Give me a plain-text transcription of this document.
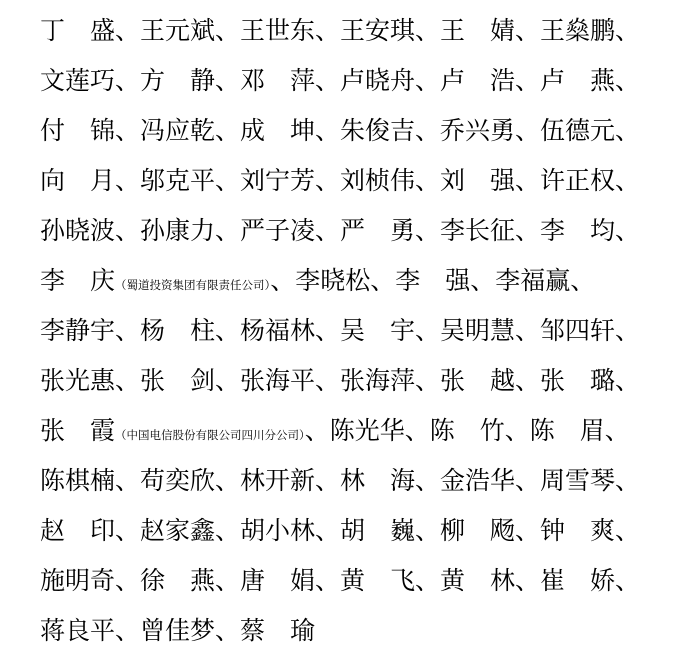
丁　盛、王元斌、王世东、王安琪、王　婧、王燊鹏、
文莲巧、方　静、邓　萍、卢晓舟、卢　浩、卢　燕、
付　锦、冯应乾、成　坤、朱俊吉、乔兴勇、伍德元、
向　月、邬克平、刘宁芳、刘桢伟、刘　强、许正权、
孙晓波、孙康力、严子凌、严　勇、李长征、李　均、
李　庆（蜀道投资集团有限责任公司）、李晓松、李　强、李福赢、
李静宇、杨　柱、杨福林、吴　宇、吴明慧、邹四轩、
张光惠、张　剑、张海平、张海萍、张　越、张　璐、
张　霞（中国电信股份有限公司四川分公司）、陈光华、陈　竹、陈　眉、
陈棋楠、苟奕欣、林开新、林　海、金浩华、周雪琴、
赵　印、赵家鑫、胡小林、胡　巍、柳　飏、钟　爽、
施明奇、徐　燕、唐　娟、黄　飞、黄　林、崔　娇、
蒋良平、曾佳梦、蔡　瑜
